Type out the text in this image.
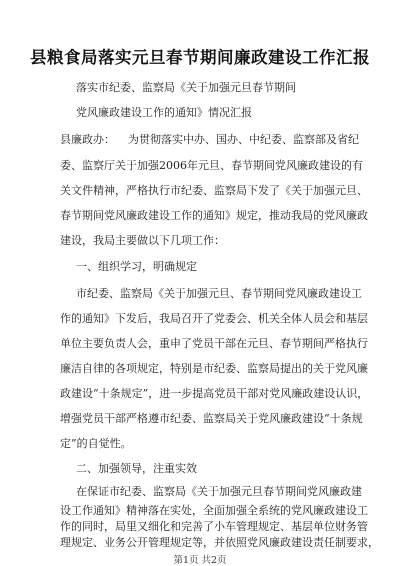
县粮食局落实元旦春节期间廉政建设工作汇报
落实市纪委、监察局《关于加强元旦春节期间
党风廉政建设工作的通知》情况汇报
县廉政办： 为贯彻落实中办、国办、中纪委、监察部及省纪
委、监察厅关于加强2006年元旦、春节期间党风廉政建设的有
关文件精神，严格执行市纪委、监察局下发了《关于加强元旦、
春节期间党风廉政建设工作的通知》规定，推动我局的党风廉政
建设，我局主要做以下几项工作：
一、组织学习，明确规定
市纪委、监察局《关于加强元旦、春节期间党风廉政建设工
作的通知》下发后，我局召开了党委会、机关全体人员会和基层
单位主要负责人会，重申了党员干部在元旦、春节期间严格执行
廉洁自律的各项规定，特别是市纪委、监察局提出的关于党风廉
政建设“十条规定”，进一步提高党员干部对党风廉政建设认识，
增强党员干部严格遵市纪委、监察局关于党风廉政建设“十条规
定”的自觉性。
二、加强领导，注重实效
在保证市纪委、监察局《关于加强元旦春节期间党风廉政建
设工作通知》精神落在实处，全面加强全系统的党风廉政建设工
作的同时，局里又细化和完善了小车管理规定、基层单位财务管
理规定、业务公开管理规定等，并依照党风廉政建设责任制要求，
第1页 共2页
